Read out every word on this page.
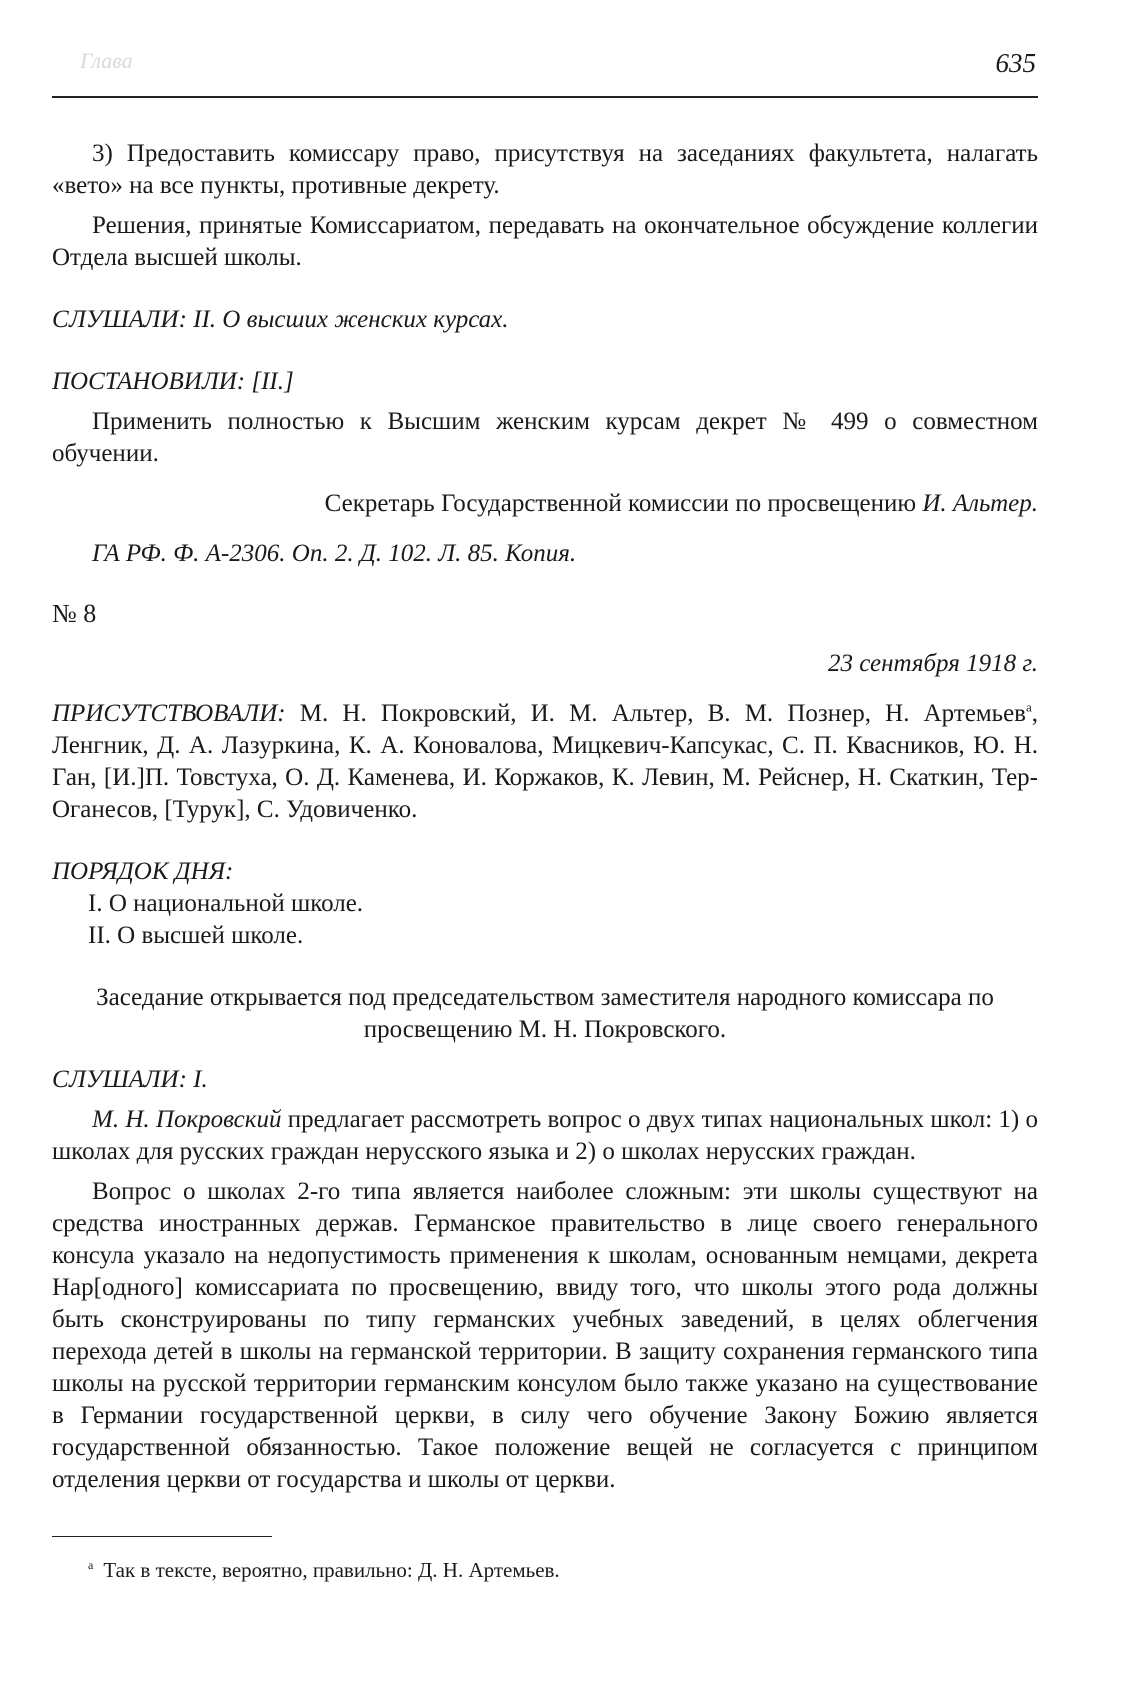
Глава	635

3) Предоставить комиссару право, присутствуя на заседаниях факультета, налагать «вето» на все пункты, противные декрету.

Решения, принятые Комиссариатом, передавать на окончательное обсуждение коллегии Отдела высшей школы.

СЛУШАЛИ: II. О высших женских курсах.

ПОСТАНОВИЛИ: [II.]

Применить полностью к Высшим женским курсам декрет № 499 о совместном обучении.

Секретарь Государственной комиссии по просвещению И. Альтер.

ГА РФ. Ф. А-2306. Оп. 2. Д. 102. Л. 85. Копия.

№ 8

23 сентября 1918 г.

ПРИСУТСТВОВАЛИ: М. Н. Покровский, И. М. Альтер, В. М. Познер, Н. Артемьев$^а$, Ленгник, Д. А. Лазуркина, К. А. Коновалова, Мицкевич-Капсукас, С. П. Квасников, Ю. Н. Ган, [И.]П. Товстуха, О. Д. Каменева, И. Коржаков, К. Левин, М. Рейснер, Н. Скаткин, Тер-Оганесов, [Турук], С. Удовиченко.

ПОРЯДОК ДНЯ:

I. О национальной школе.

II. О высшей школе.

Заседание открывается под председательством заместителя народного комиссара по просвещению М. Н. Покровского.

СЛУШАЛИ: I.

М. Н. Покровский предлагает рассмотреть вопрос о двух типах национальных школ: 1) о школах для русских граждан нерусского языка и 2) о школах нерусских граждан.

Вопрос о школах 2-го типа является наиболее сложным: эти школы существуют на средства иностранных держав. Германское правительство в лице своего генерального консула указало на недопустимость применения к школам, основанным немцами, декрета Нар[одного] комиссариата по просвещению, ввиду того, что школы этого рода должны быть сконструированы по типу германских учебных заведений, в целях облегчения перехода детей в школы на германской территории. В защиту сохранения германского типа школы на русской территории германским консулом было также указано на существование в Германии государственной церкви, в силу чего обучение Закону Божию является государственной обязанностью. Такое положение вещей не согласуется с принципом отделения церкви от государства и школы от церкви.

$^а$ Так в тексте, вероятно, правильно: Д. Н. Артемьев.
